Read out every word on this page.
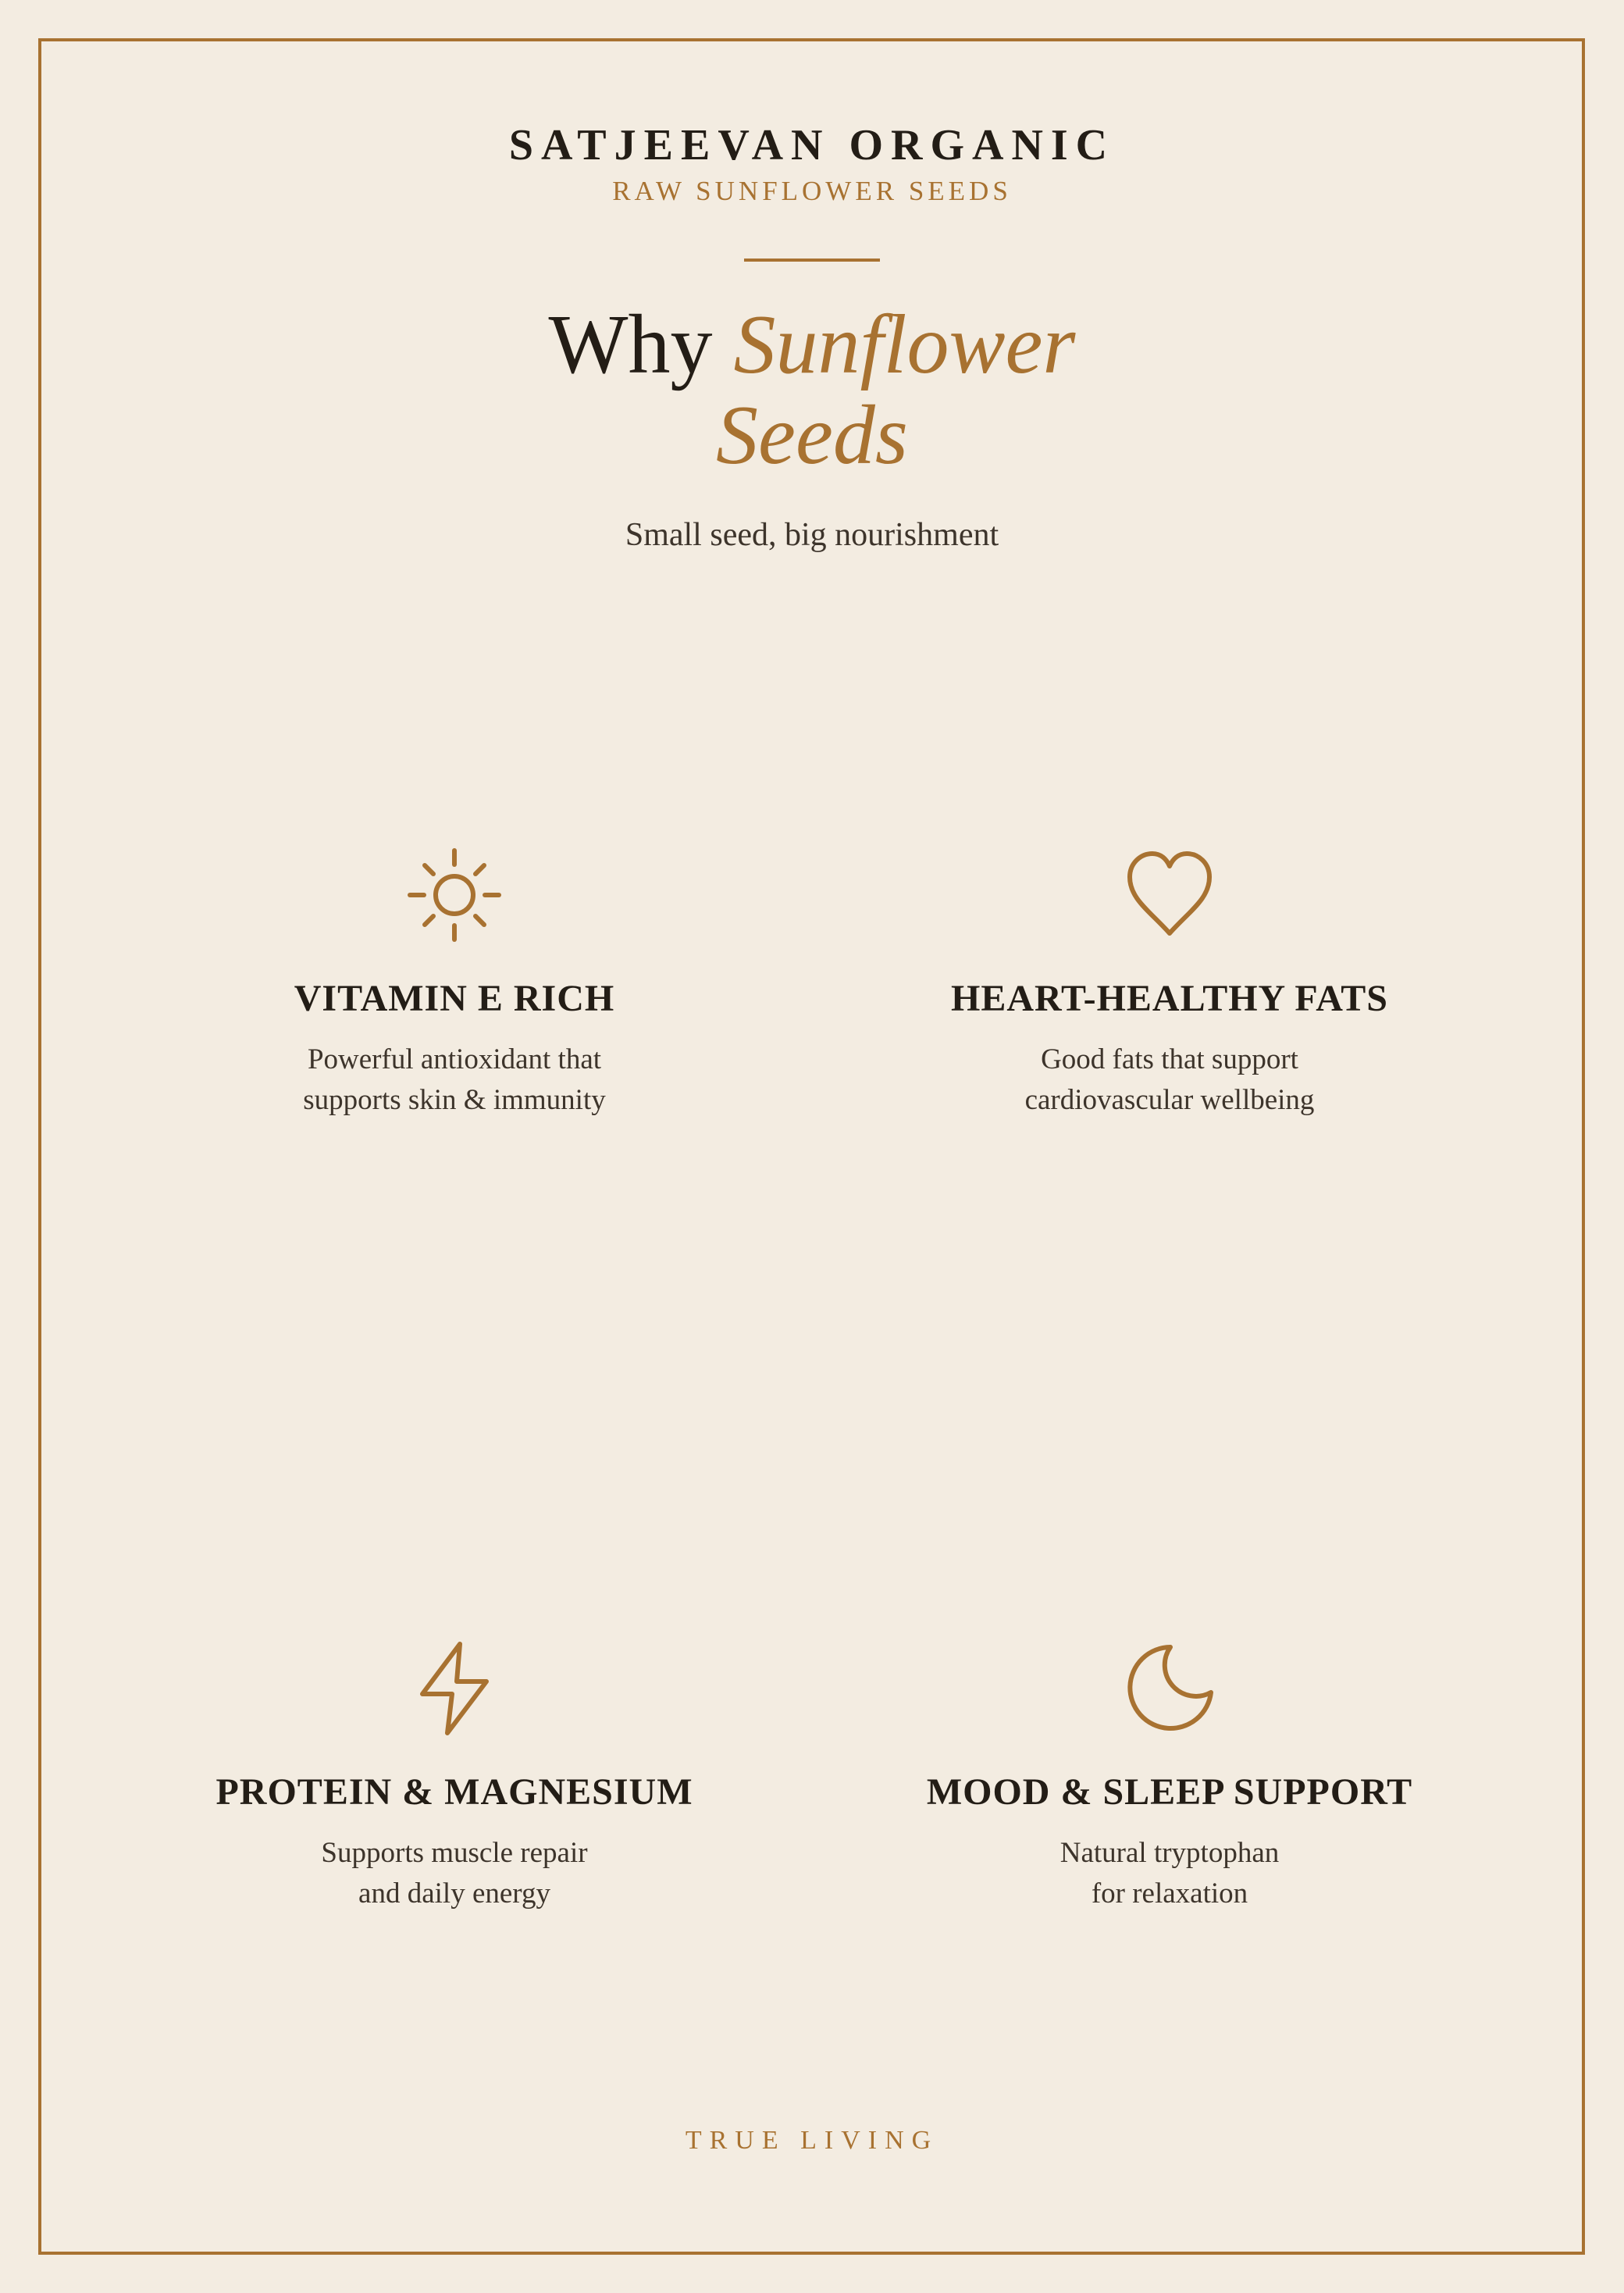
SATJEEVAN ORGANIC
RAW SUNFLOWER SEEDS
Why Sunflower
Seeds
Small seed, big nourishment
VITAMIN E RICH
Powerful antioxidant that
supports skin & immunity
HEART-HEALTHY FATS
Good fats that support
cardiovascular wellbeing
PROTEIN & MAGNESIUM
Supports muscle repair
and daily energy
MOOD & SLEEP SUPPORT
Natural tryptophan
for relaxation
TRUE LIVING
